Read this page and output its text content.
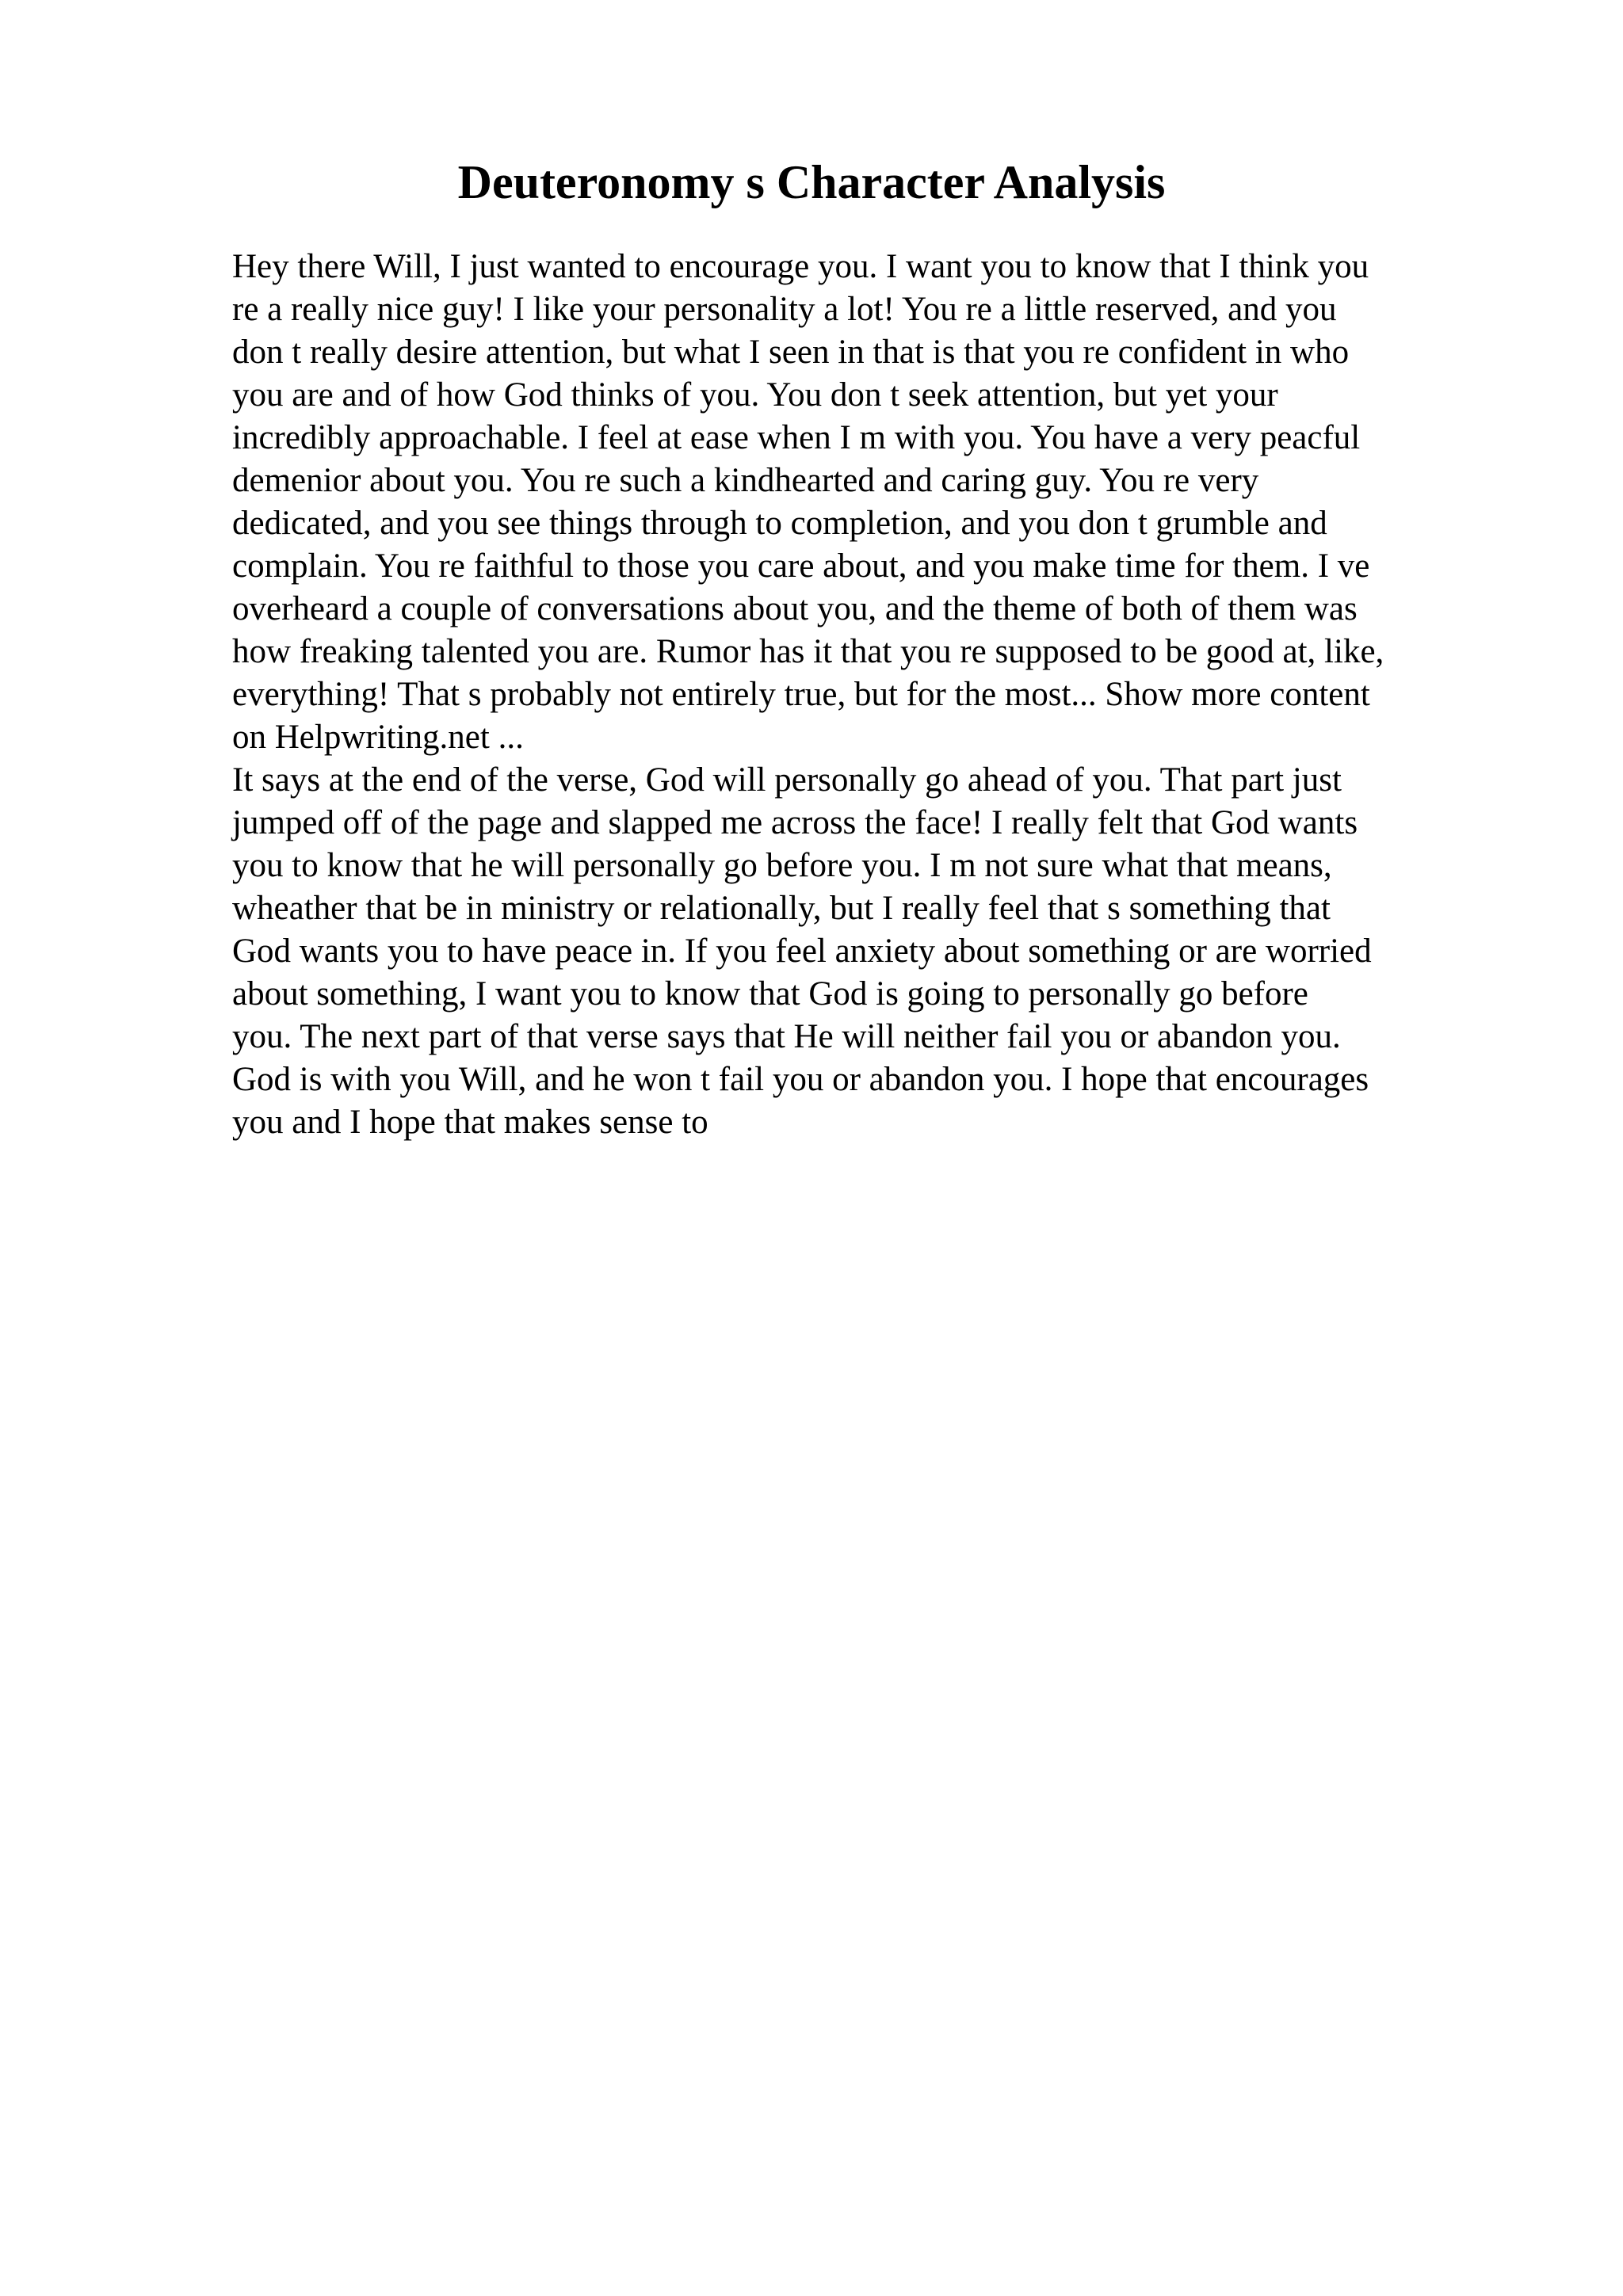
Deuteronomy s Character Analysis
Hey there Will, I just wanted to encourage you. I want you to know that I think you
re a really nice guy! I like your personality a lot! You re a little reserved, and you
don t really desire attention, but what I seen in that is that you re confident in who
you are and of how God thinks of you. You don t seek attention, but yet your
incredibly approachable. I feel at ease when I m with you. You have a very peacful
demenior about you. You re such a kindhearted and caring guy. You re very
dedicated, and you see things through to completion, and you don t grumble and
complain. You re faithful to those you care about, and you make time for them. I ve
overheard a couple of conversations about you, and the theme of both of them was
how freaking talented you are. Rumor has it that you re supposed to be good at, like,
everything! That s probably not entirely true, but for the most... Show more content
on Helpwriting.net ...
It says at the end of the verse, God will personally go ahead of you. That part just
jumped off of the page and slapped me across the face! I really felt that God wants
you to know that he will personally go before you. I m not sure what that means,
wheather that be in ministry or relationally, but I really feel that s something that
God wants you to have peace in. If you feel anxiety about something or are worried
about something, I want you to know that God is going to personally go before
you. The next part of that verse says that He will neither fail you or abandon you.
God is with you Will, and he won t fail you or abandon you. I hope that encourages
you and I hope that makes sense to
